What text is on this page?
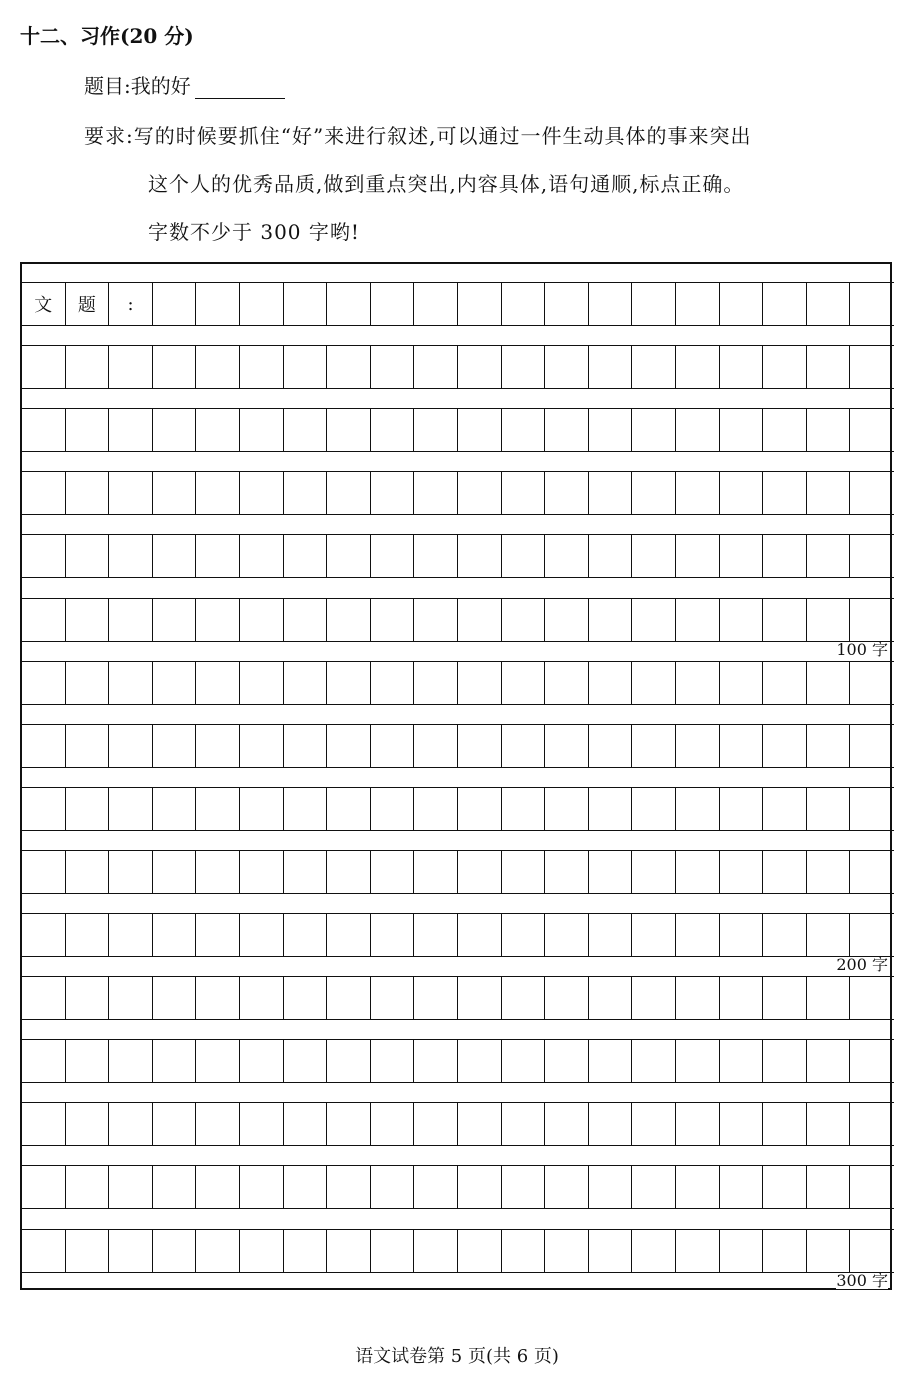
十二、习作(20 分)
题目:我的好
要求:写的时候要抓住“好”来进行叙述,可以通过一件生动具体的事来突出
这个人的优秀品质,做到重点突出,内容具体,语句通顺,标点正确。
字数不少于 300 字哟!
文	题	:
100 字
200 字
300 字
语文试卷第 5 页(共 6 页)
